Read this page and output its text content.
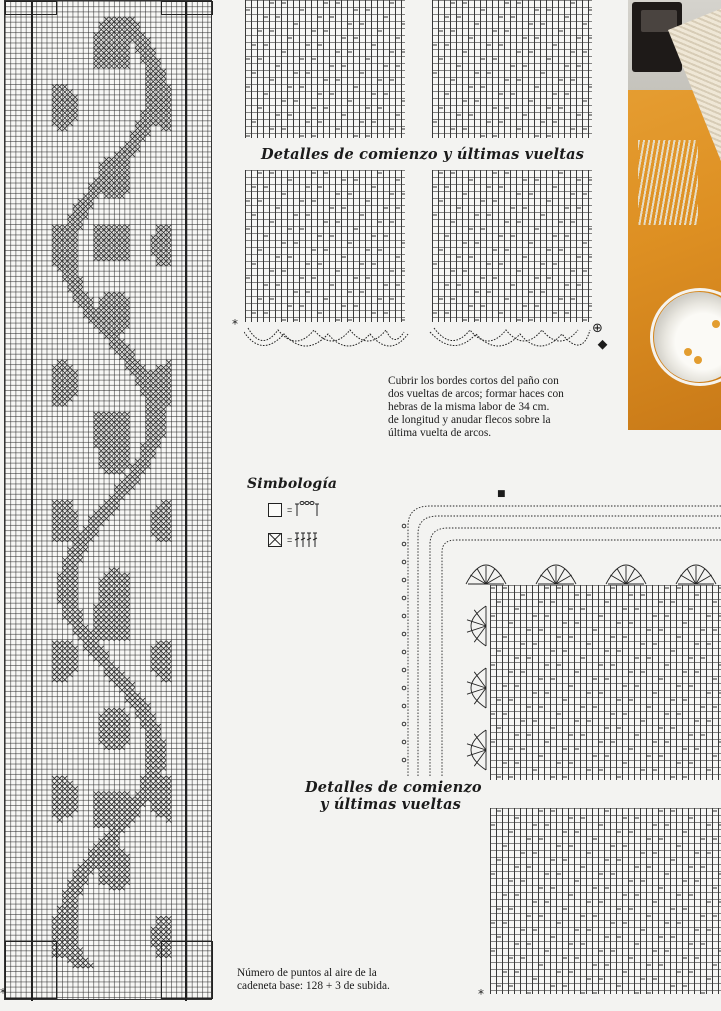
*
Detalles de comienzo y últimas vueltas
*	⊕
■
Cubrir los bordes cortos del paño con
dos vueltas de arcos; formar haces con
hebras de la misma labor de 34 cm.
de longitud y anudar flecos sobre la
última vuelta de arcos.
Simbología
=
=
■
Detalles de comienzo
y últimas vueltas
*
Número de puntos al aire de la
cadeneta base: 128 + 3 de subida.
